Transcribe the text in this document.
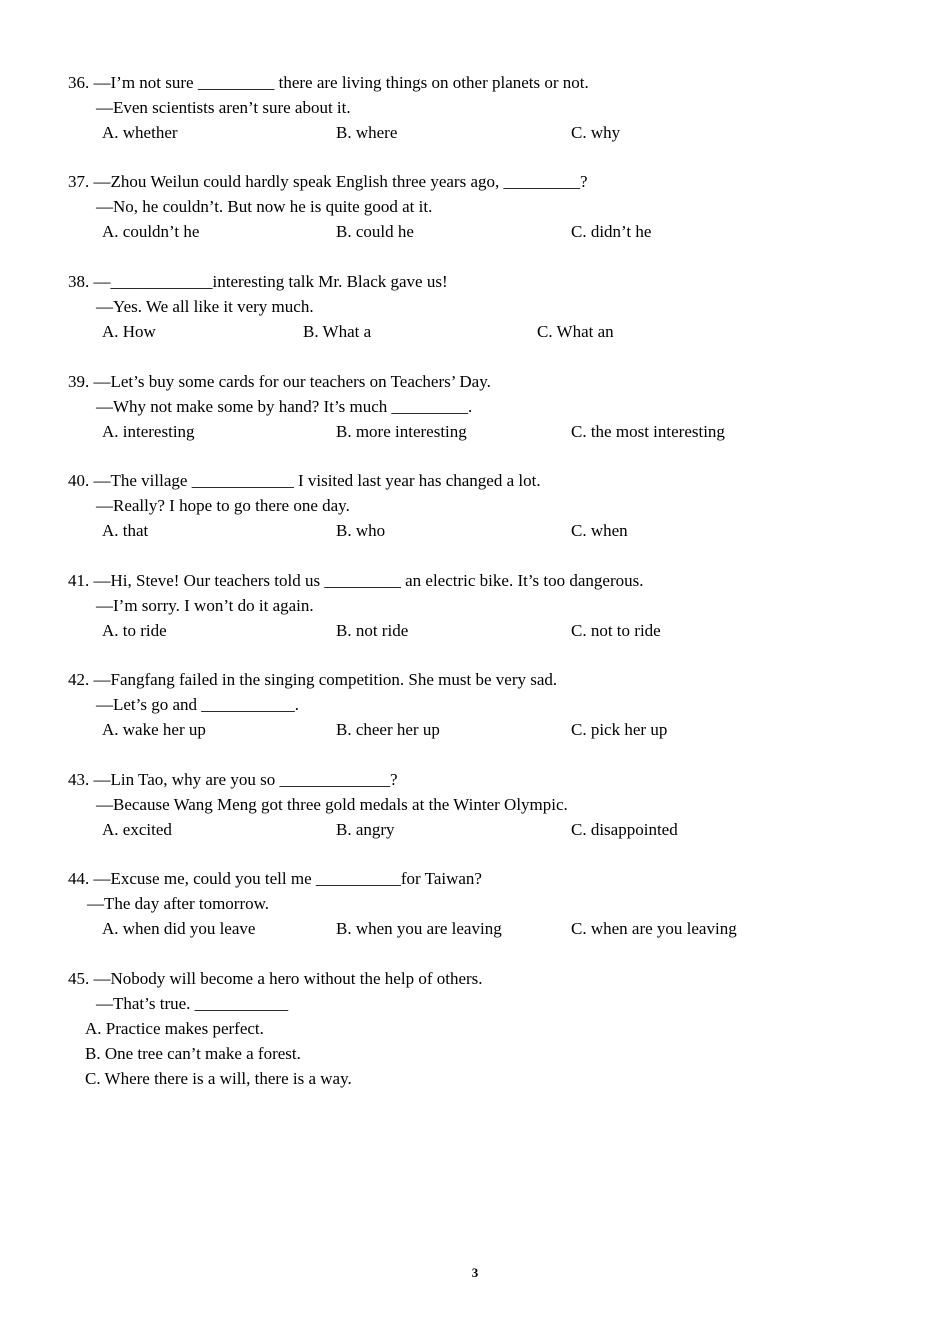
36. —I’m not sure _________ there are living things on other planets or not.
—Even scientists aren’t sure about it.
A. whether	B. where	C. why
37. —Zhou Weilun could hardly speak English three years ago, _________?
—No, he couldn’t. But now he is quite good at it.
A. couldn’t he	B. could he	C. didn’t he
38. —____________interesting talk Mr. Black gave us!
—Yes. We all like it very much.
A. How	B. What a	C. What an
39. —Let’s buy some cards for our teachers on Teachers’ Day.
—Why not make some by hand? It’s much _________.
A. interesting	B. more interesting	C. the most interesting
40. —The village ____________ I visited last year has changed a lot.
—Really? I hope to go there one day.
A. that	B. who	C. when
41. —Hi, Steve! Our teachers told us _________ an electric bike. It’s too dangerous.
—I’m sorry. I won’t do it again.
A. to ride	B. not ride	C. not to ride
42. —Fangfang failed in the singing competition. She must be very sad.
—Let’s go and ___________.
A. wake her up	B. cheer her up	C. pick her up
43. —Lin Tao, why are you so _____________?
—Because Wang Meng got three gold medals at the Winter Olympic.
A. excited	B. angry	C. disappointed
44. —Excuse me, could you tell me __________for Taiwan?
—The day after tomorrow.
A. when did you leave	B. when you are leaving	C. when are you leaving
45. —Nobody will become a hero without the help of others.
—That’s true. ___________
A. Practice makes perfect.
B. One tree can’t make a forest.
C. Where there is a will, there is a way.
3
